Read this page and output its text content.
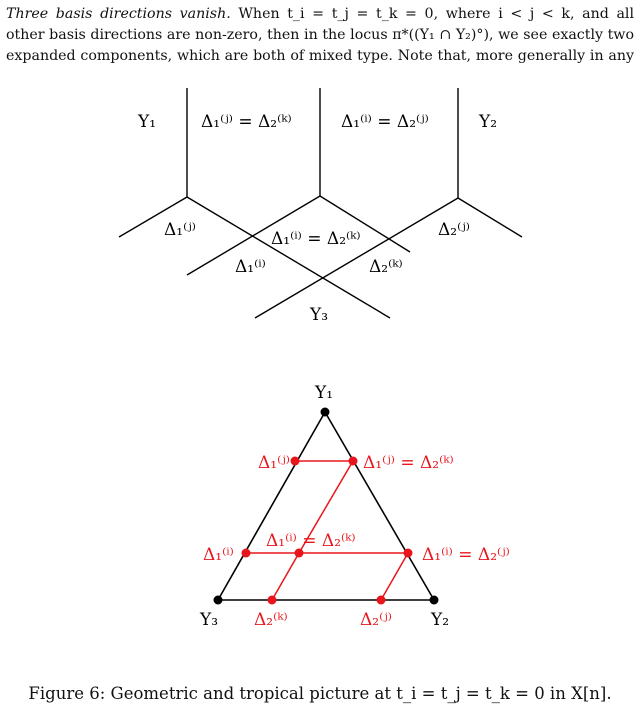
Three basis directions vanish. When t_i = t_j = t_k = 0, where i < j < k, and all
other basis directions are non-zero, then in the locus π*((Y₁ ∩ Y₂)°), we see exactly two
expanded components, which are both of mixed type. Note that, more generally in any
Y₁	Δ₁⁽ʲ⁾ = Δ₂⁽ᵏ⁾	Δ₁⁽ⁱ⁾ = Δ₂⁽ʲ⁾	Y₂
Δ₁⁽ʲ⁾	Δ₁⁽ⁱ⁾ = Δ₂⁽ᵏ⁾	Δ₂⁽ʲ⁾
Δ₁⁽ⁱ⁾	Δ₂⁽ᵏ⁾
Y₃
Y₁
Y₃	Y₂
Δ₁⁽ʲ⁾	Δ₁⁽ʲ⁾ = Δ₂⁽ᵏ⁾
Δ₁⁽ⁱ⁾
Δ₁⁽ⁱ⁾ = Δ₂⁽ᵏ⁾
Δ₁⁽ⁱ⁾ = Δ₂⁽ʲ⁾
Δ₂⁽ᵏ⁾	Δ₂⁽ʲ⁾
Figure 6: Geometric and tropical picture at t_i = t_j = t_k = 0 in X[n].
